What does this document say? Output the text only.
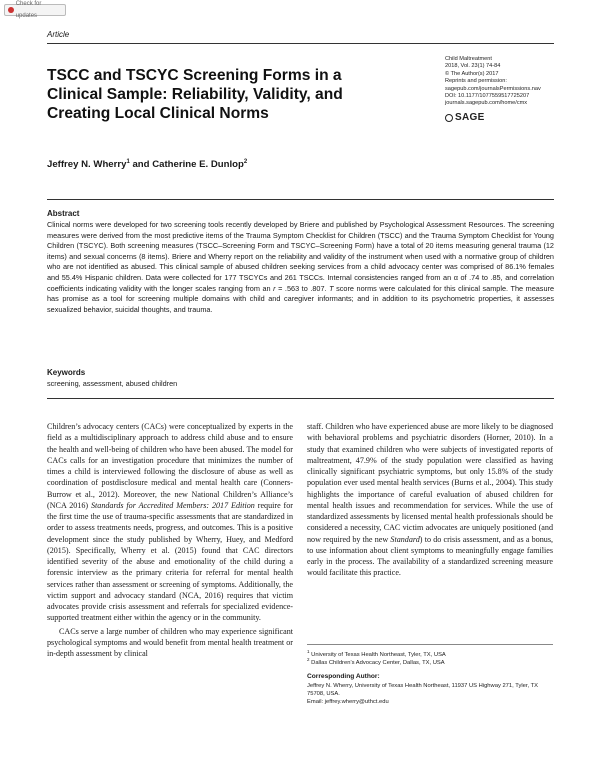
Check for updates
Article
Child Maltreatment
2018, Vol. 23(1) 74-84
© The Author(s) 2017
Reprints and permission:
sagepub.com/journalsPermissions.nav
DOI: 10.1177/1077559517725207
journals.sagepub.com/home/cmx
SAGE
TSCC and TSCYC Screening Forms in a Clinical Sample: Reliability, Validity, and Creating Local Clinical Norms
Jeffrey N. Wherry$^1$ and Catherine E. Dunlop$^2$
Abstract
Clinical norms were developed for two screening tools recently developed by Briere and published by Psychological Assessment Resources. The screening measures were derived from the most predictive items of the Trauma Symptom Checklist for Children (TSCC) and the Trauma Symptom Checklist for Young Children (TSCYC). Both screening measures (TSCC–Screening Form and TSCYC–Screening Form) have a total of 20 items measuring general trauma (12 items) and sexual concerns (8 items). Briere and Wherry report on the reliability and validity of the instrument when used with a normative group of children who are not identified as abused. This clinical sample of abused children seeking services from a child advocacy center was comprised of 86.1% females and 55.4% Hispanic children. Data were collected for 177 TSCYCs and 261 TSCCs. Internal consistencies ranged from an α of .74 to .85, and correlation coefficients indicating validity with the longer scales ranging from an r = .563 to .807. T score norms were calculated for this clinical sample. The measure has promise as a tool for screening multiple domains with child and caregiver informants; and in addition to its psychometric properties, it assesses sexualized behavior, suicidal thoughts, and trauma.
Keywords
screening, assessment, abused children

Children’s advocacy centers (CACs) were conceptualized by experts in the field as a multidisciplinary approach to address child abuse and to ensure the health and well-being of children who have been abused. The model for CACs calls for an investigation procedure that minimizes the number of times a child is interviewed following the disclosure of abuse as well as coordination of postdisclosure medical and mental health care (Conners-Burrow et al., 2012). Moreover, the new National Children’s Alliance’s (NCA 2016) Standards for Accredited Members: 2017 Edition require for the first time the use of trauma-specific assessments that are standardized in order to assess treatments needs, progress, and outcomes. This is a positive development since the study published by Wherry, Huey, and Medford (2015). Specifically, Wherry et al. (2015) found that CAC directors identified severity of the abuse and emotionality of the child during a forensic interview as the primary criteria for referral for mental health services rather than assessment or screening of symptoms. Additionally, the victim support and advocacy standard (NCA, 2016) requires that victim advocates provide crisis assessment and referrals for specialized evidence-supported treatment either within the agency or in the community.

CACs serve a large number of children who may experience significant psychological symptoms and would benefit from mental health treatment or in-depth assessment by clinical

staff. Children who have experienced abuse are more likely to be diagnosed with behavioral problems and psychiatric disorders (Horner, 2010). In a study that examined children who were subjects of investigated reports of maltreatment, 47.9% of the study population were classified as having clinically significant psychiatric symptoms, but only 15.8% of the study population ever used mental health services (Burns et al., 2004). This study highlights the importance of careful evaluation of abused children for mental health issues and recommendation for services. While the use of standardized assessments by licensed mental health professionals should be considered a necessity, CAC victim advocates are uniquely positioned (and now required by the new Standard) to do crisis assessment, and as a bonus, to use information about client symptoms to meaningfully engage families early in the process. The availability of a standardized screening measure would facilitate this practice.

$^1$ University of Texas Health Northeast, Tyler, TX, USA
$^2$ Dallas Children’s Advocacy Center, Dallas, TX, USA
Corresponding Author:
Jeffrey N. Wherry, University of Texas Health Northeast, 11937 US Highway 271, Tyler, TX 75708, USA.
Email: jeffrey.wherry@uthct.edu
